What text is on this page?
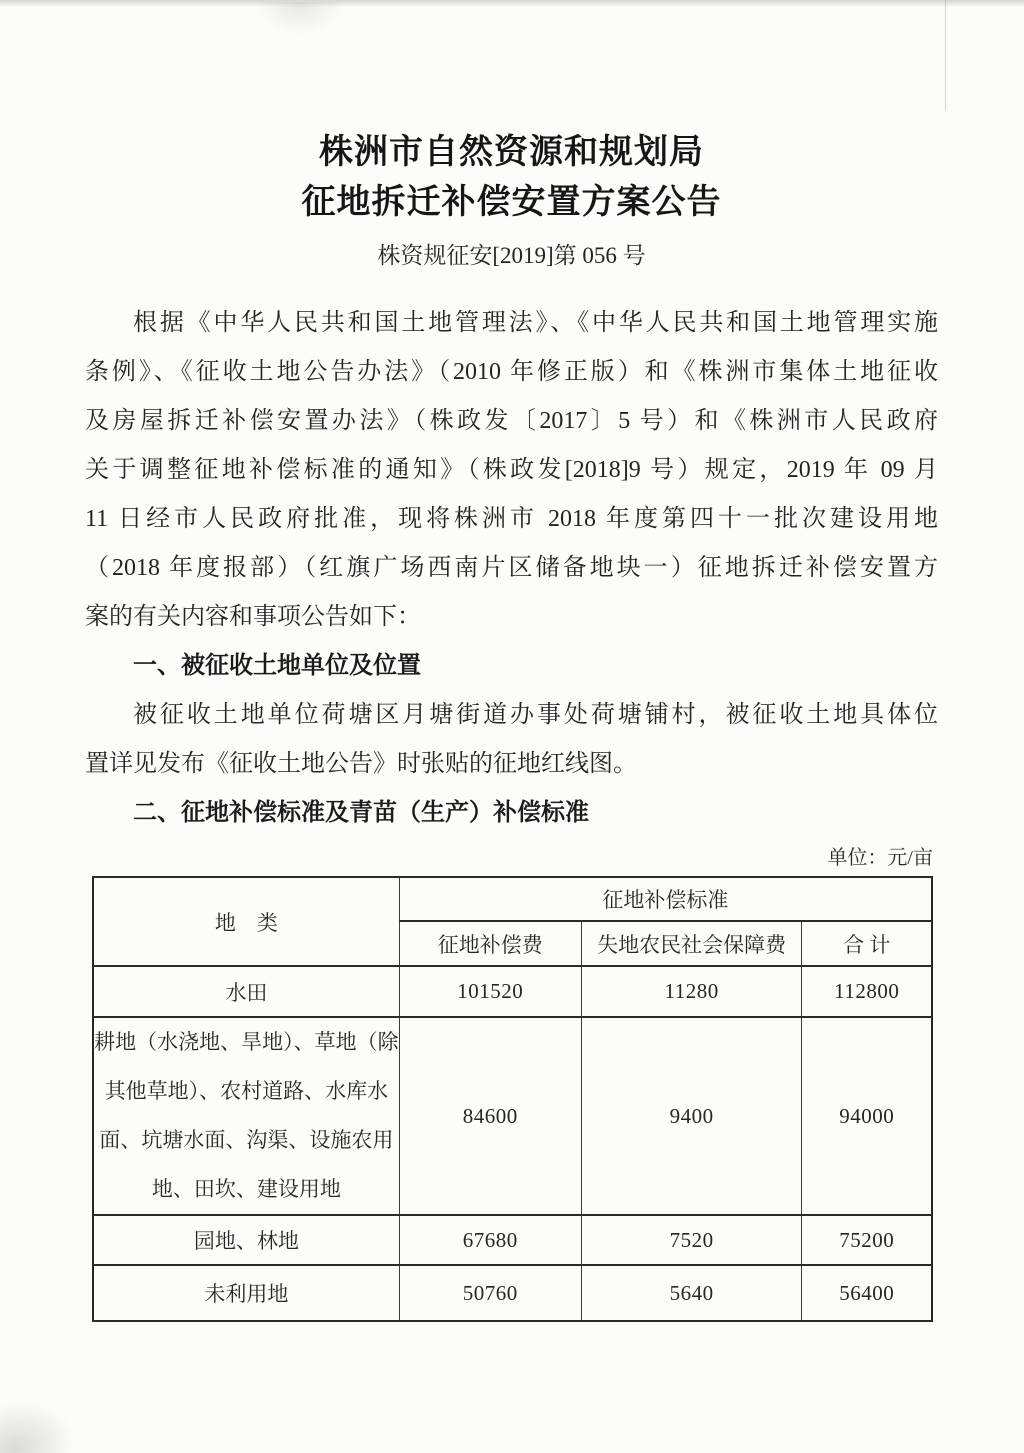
株洲市自然资源和规划局

征地拆迁补偿安置方案公告

株资规征安[2019]第 056 号

根据《中华人民共和国土地管理法》、《中华人民共和国土地管理实施

条例》、《征收土地公告办法》（2010 年修正版）和《株洲市集体土地征收

及房屋拆迁补偿安置办法》（株政发〔2017〕5 号）和《株洲市人民政府

关于调整征地补偿标准的通知》（株政发[2018]9 号）规定，2019 年 09 月

11 日经市人民政府批准，现将株洲市 2018 年度第四十一批次建设用地

（2018 年度报部）（红旗广场西南片区储备地块一）征地拆迁补偿安置方

案的有关内容和事项公告如下：

一、被征收土地单位及位置

被征收土地单位荷塘区月塘街道办事处荷塘铺村，被征收土地具体位

置详见发布《征收土地公告》时张贴的征地红线图。

二、征地补偿标准及青苗（生产）补偿标准

单位：元/亩
地　类	征地补偿标准		
	征地补偿费	失地农民社会保障费	合 计
水田	101520	11280	112800
耕地（水浇地、旱地）、草地（除其他草地）、农村道路、水库水面、坑塘水面、沟渠、设施农用地、田坎、建设用地	84600	9400	94000
园地、林地	67680	7520	75200
未利用地	50760	5640	56400
